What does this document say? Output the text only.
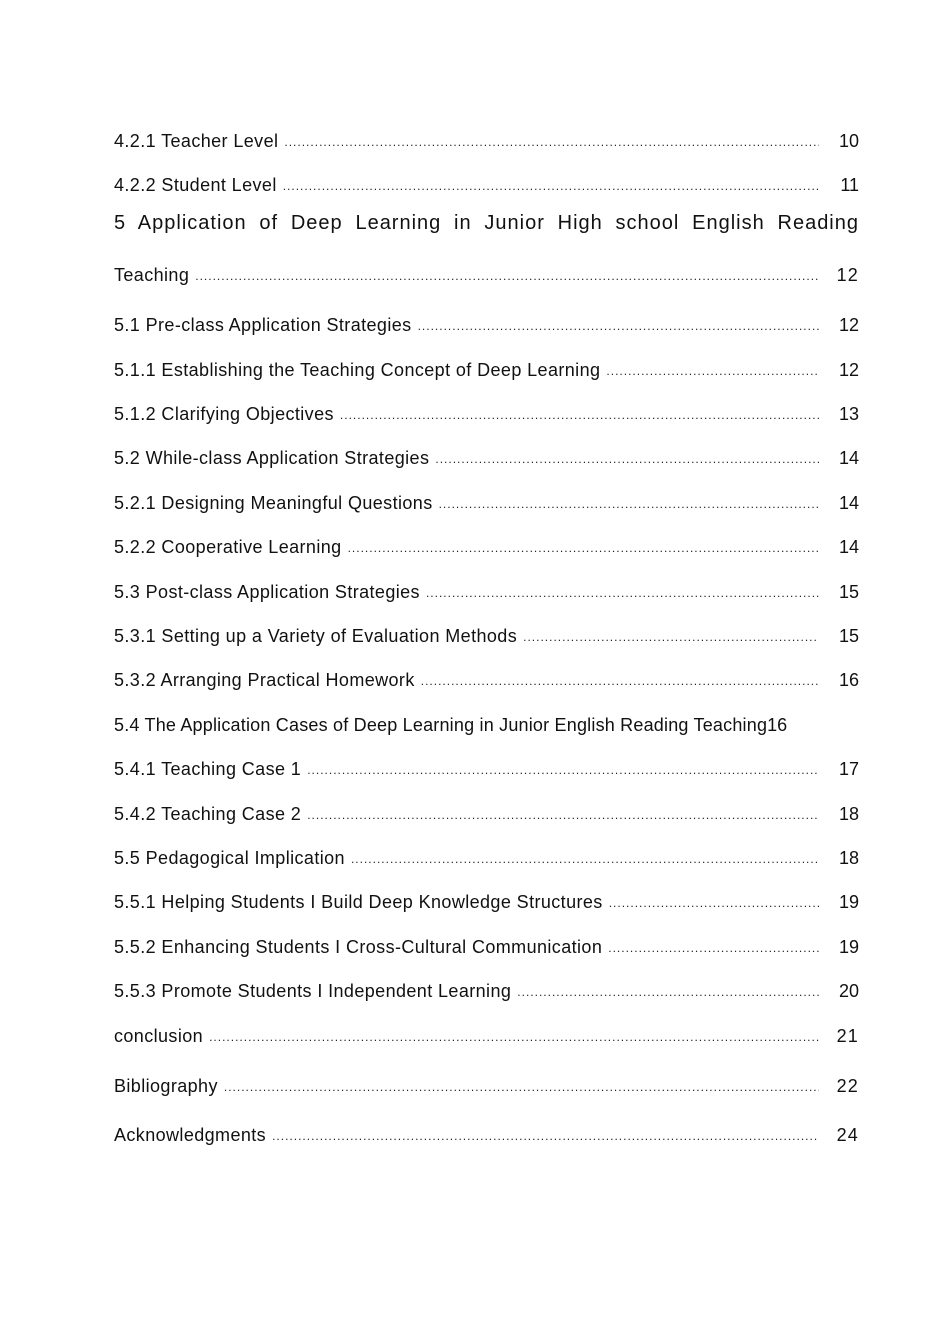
4.2.1 Teacher Level .....	10
4.2.2 Student Level .....	11
5 Application of Deep Learning in Junior High school English Reading
Teaching .....	12
5.1 Pre-class Application Strategies .....	12
5.1.1 Establishing the Teaching Concept of Deep Learning .....	12
5.1.2 Clarifying Objectives .....	13
5.2 While-class Application Strategies .....	14
5.2.1 Designing Meaningful Questions .....	14
5.2.2 Cooperative Learning .....	14
5.3 Post-class Application Strategies .....	15
5.3.1 Setting up a Variety of Evaluation Methods .....	15
5.3.2 Arranging Practical Homework .....	16
5.4 The Application Cases of Deep Learning in Junior English Reading Teaching 16
5.4.1 Teaching Case 1 .....	17
5.4.2 Teaching Case 2 .....	18
5.5 Pedagogical Implication .....	18
5.5.1 Helping Students I Build Deep Knowledge Structures .....	19
5.5.2 Enhancing Students I Cross-Cultural Communication .....	19
5.5.3 Promote Students I Independent Learning .....	20
conclusion .....	21
Bibliography .....	22
Acknowledgments .....	24
